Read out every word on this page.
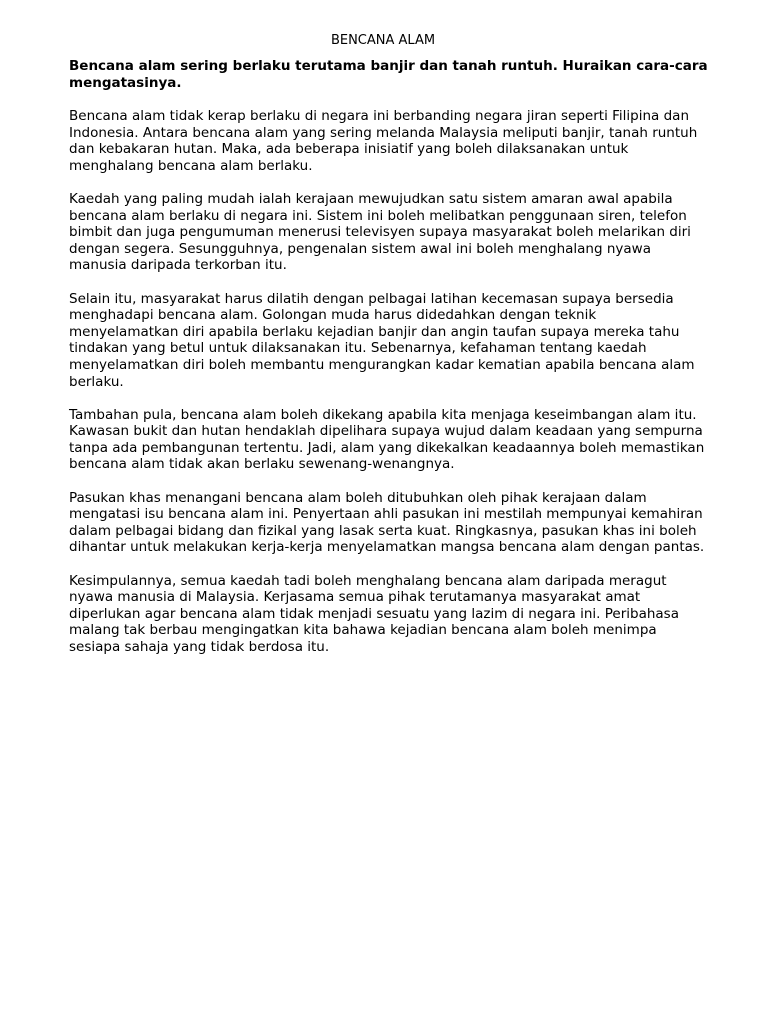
BENCANA ALAM

Bencana alam sering berlaku terutama banjir dan tanah runtuh. Huraikan cara-cara mengatasinya.

Bencana alam tidak kerap berlaku di negara ini berbanding negara jiran seperti Filipina dan Indonesia. Antara bencana alam yang sering melanda Malaysia meliputi banjir, tanah runtuh dan kebakaran hutan. Maka, ada beberapa inisiatif yang boleh dilaksanakan untuk menghalang bencana alam berlaku.

Kaedah yang paling mudah ialah kerajaan mewujudkan satu sistem amaran awal apabila bencana alam berlaku di negara ini. Sistem ini boleh melibatkan penggunaan siren, telefon bimbit dan juga pengumuman menerusi televisyen supaya masyarakat boleh melarikan diri dengan segera. Sesungguhnya, pengenalan sistem awal ini boleh menghalang nyawa manusia daripada terkorban itu.

Selain itu, masyarakat harus dilatih dengan pelbagai latihan kecemasan supaya bersedia menghadapi bencana alam. Golongan muda harus didedahkan dengan teknik menyelamatkan diri apabila berlaku kejadian banjir dan angin taufan supaya mereka tahu tindakan yang betul untuk dilaksanakan itu. Sebenarnya, kefahaman tentang kaedah menyelamatkan diri boleh membantu mengurangkan kadar kematian apabila bencana alam berlaku.

Tambahan pula, bencana alam boleh dikekang apabila kita menjaga keseimbangan alam itu. Kawasan bukit dan hutan hendaklah dipelihara supaya wujud dalam keadaan yang sempurna tanpa ada pembangunan tertentu. Jadi, alam yang dikekalkan keadaannya boleh memastikan bencana alam tidak akan berlaku sewenang-wenangnya.

Pasukan khas menangani bencana alam boleh ditubuhkan oleh pihak kerajaan dalam mengatasi isu bencana alam ini. Penyertaan ahli pasukan ini mestilah mempunyai kemahiran dalam pelbagai bidang dan fizikal yang lasak serta kuat. Ringkasnya, pasukan khas ini boleh dihantar untuk melakukan kerja-kerja menyelamatkan mangsa bencana alam dengan pantas.

Kesimpulannya, semua kaedah tadi boleh menghalang bencana alam daripada meragut nyawa manusia di Malaysia. Kerjasama semua pihak terutamanya masyarakat amat diperlukan agar bencana alam tidak menjadi sesuatu yang lazim di negara ini. Peribahasa malang tak berbau mengingatkan kita bahawa kejadian bencana alam boleh menimpa sesiapa sahaja yang tidak berdosa itu.
